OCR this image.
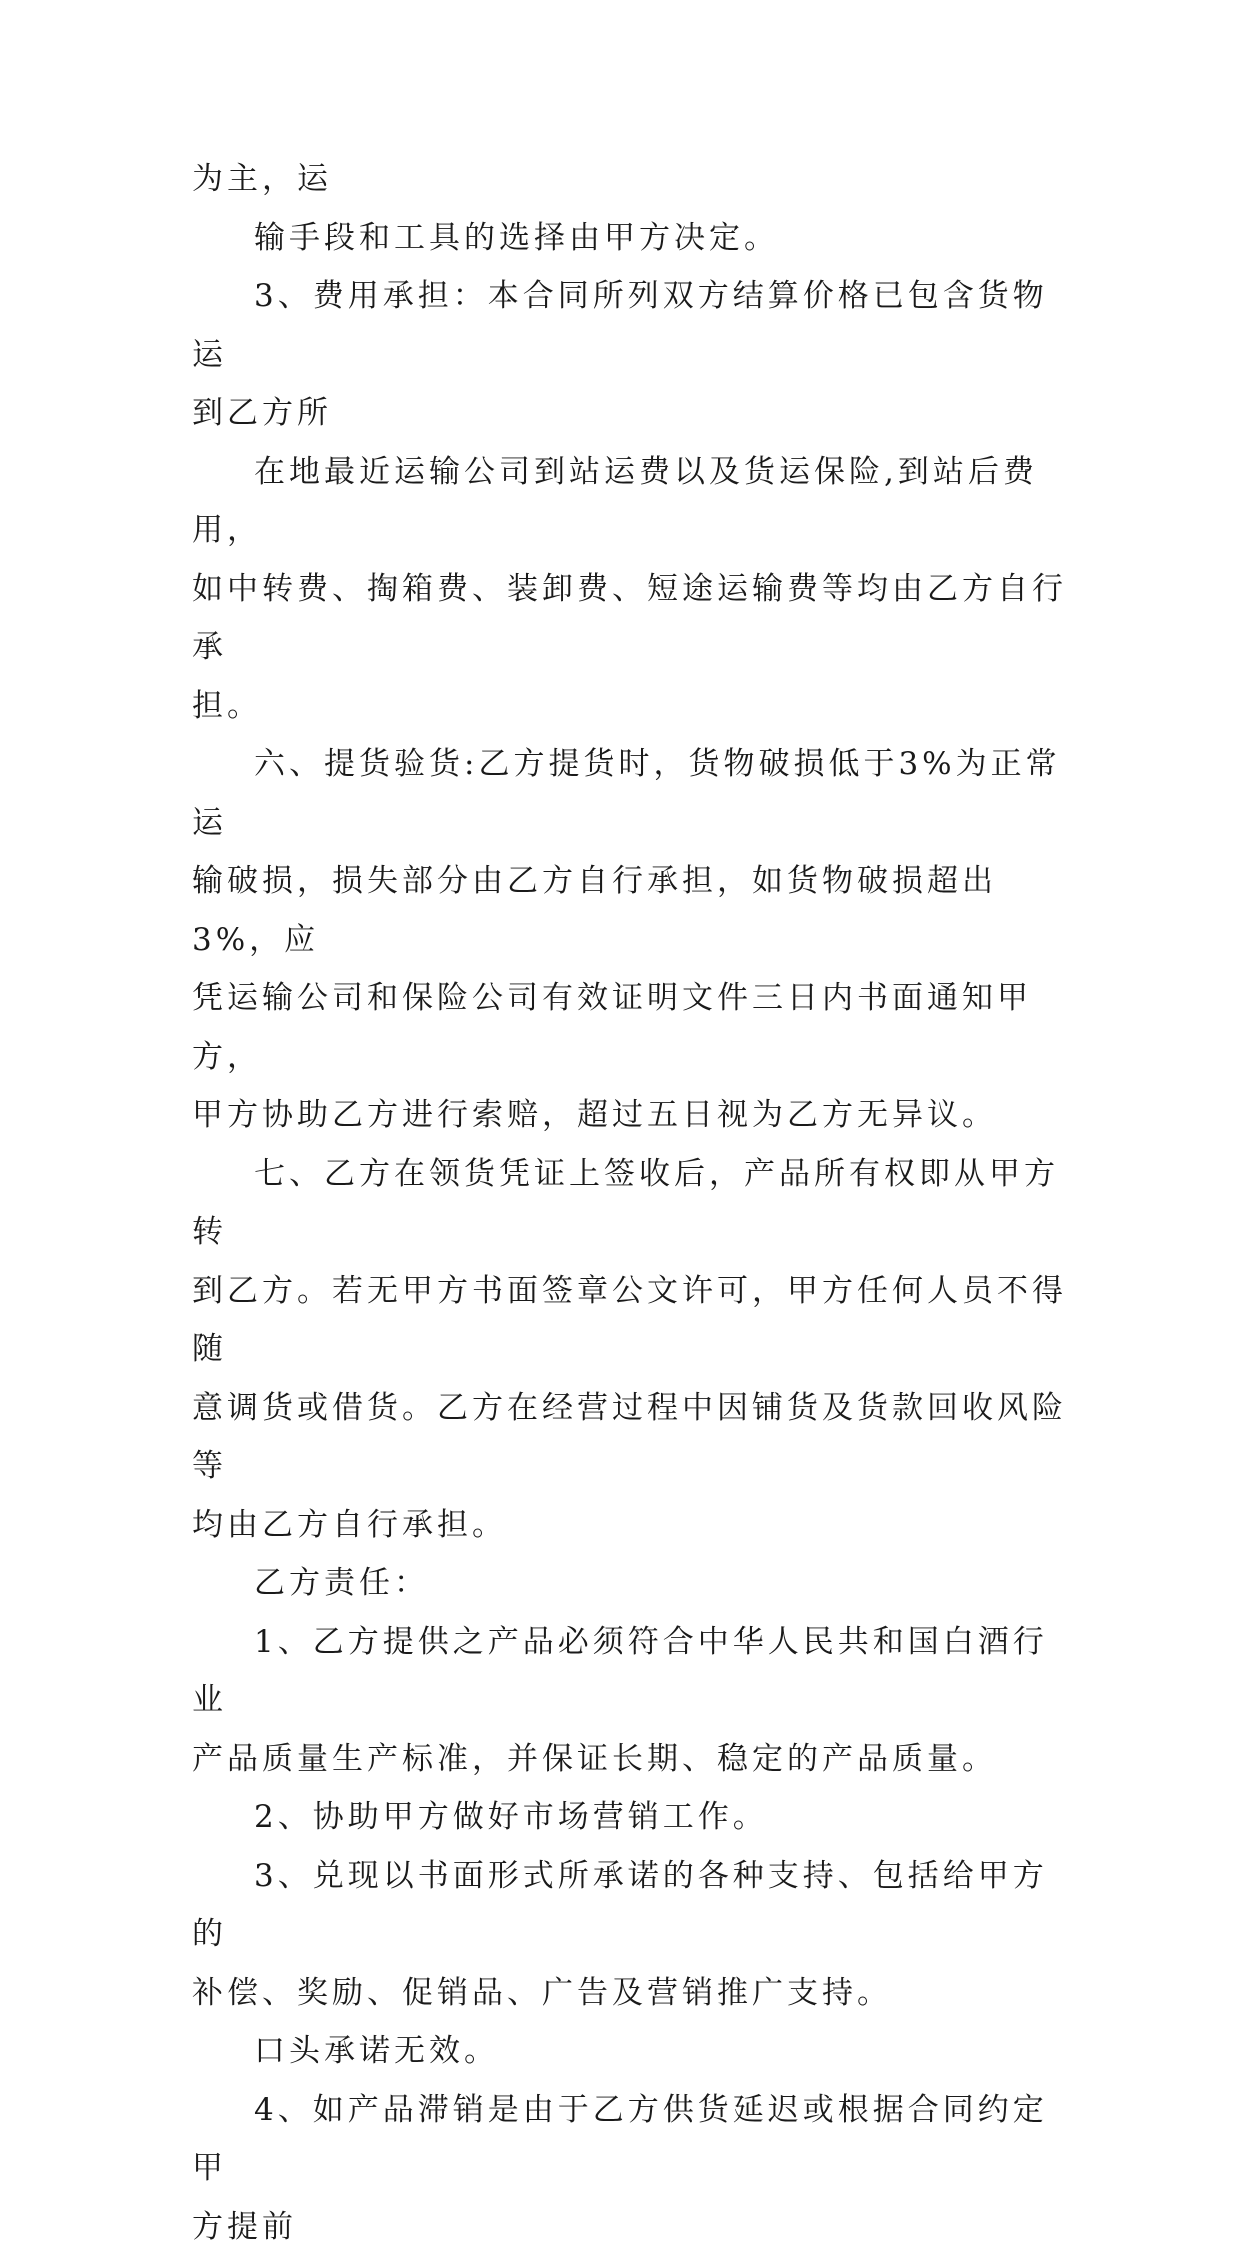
为主，运

输手段和工具的选择由甲方决定。

3、费用承担：本合同所列双方结算价格已包含货物运
到乙方所

在地最近运输公司到站运费以及货运保险,到站后费用，
如中转费、掏箱费、装卸费、短途运输费等均由乙方自行承
担。

六、提货验货:乙方提货时，货物破损低于3%为正常运
输破损，损失部分由乙方自行承担，如货物破损超出3%，应
凭运输公司和保险公司有效证明文件三日内书面通知甲方，
甲方协助乙方进行索赔，超过五日视为乙方无异议。

七、乙方在领货凭证上签收后，产品所有权即从甲方转
到乙方。若无甲方书面签章公文许可，甲方任何人员不得随
意调货或借货。乙方在经营过程中因铺货及货款回收风险等
均由乙方自行承担。

乙方责任：

1、乙方提供之产品必须符合中华人民共和国白酒行业
产品质量生产标准，并保证长期、稳定的产品质量。

2、协助甲方做好市场营销工作。

3、兑现以书面形式所承诺的各种支持、包括给甲方的
补偿、奖励、促销品、广告及营销推广支持。

口头承诺无效。

4、如产品滞销是由于乙方供货延迟或根据合同约定甲
方提前
